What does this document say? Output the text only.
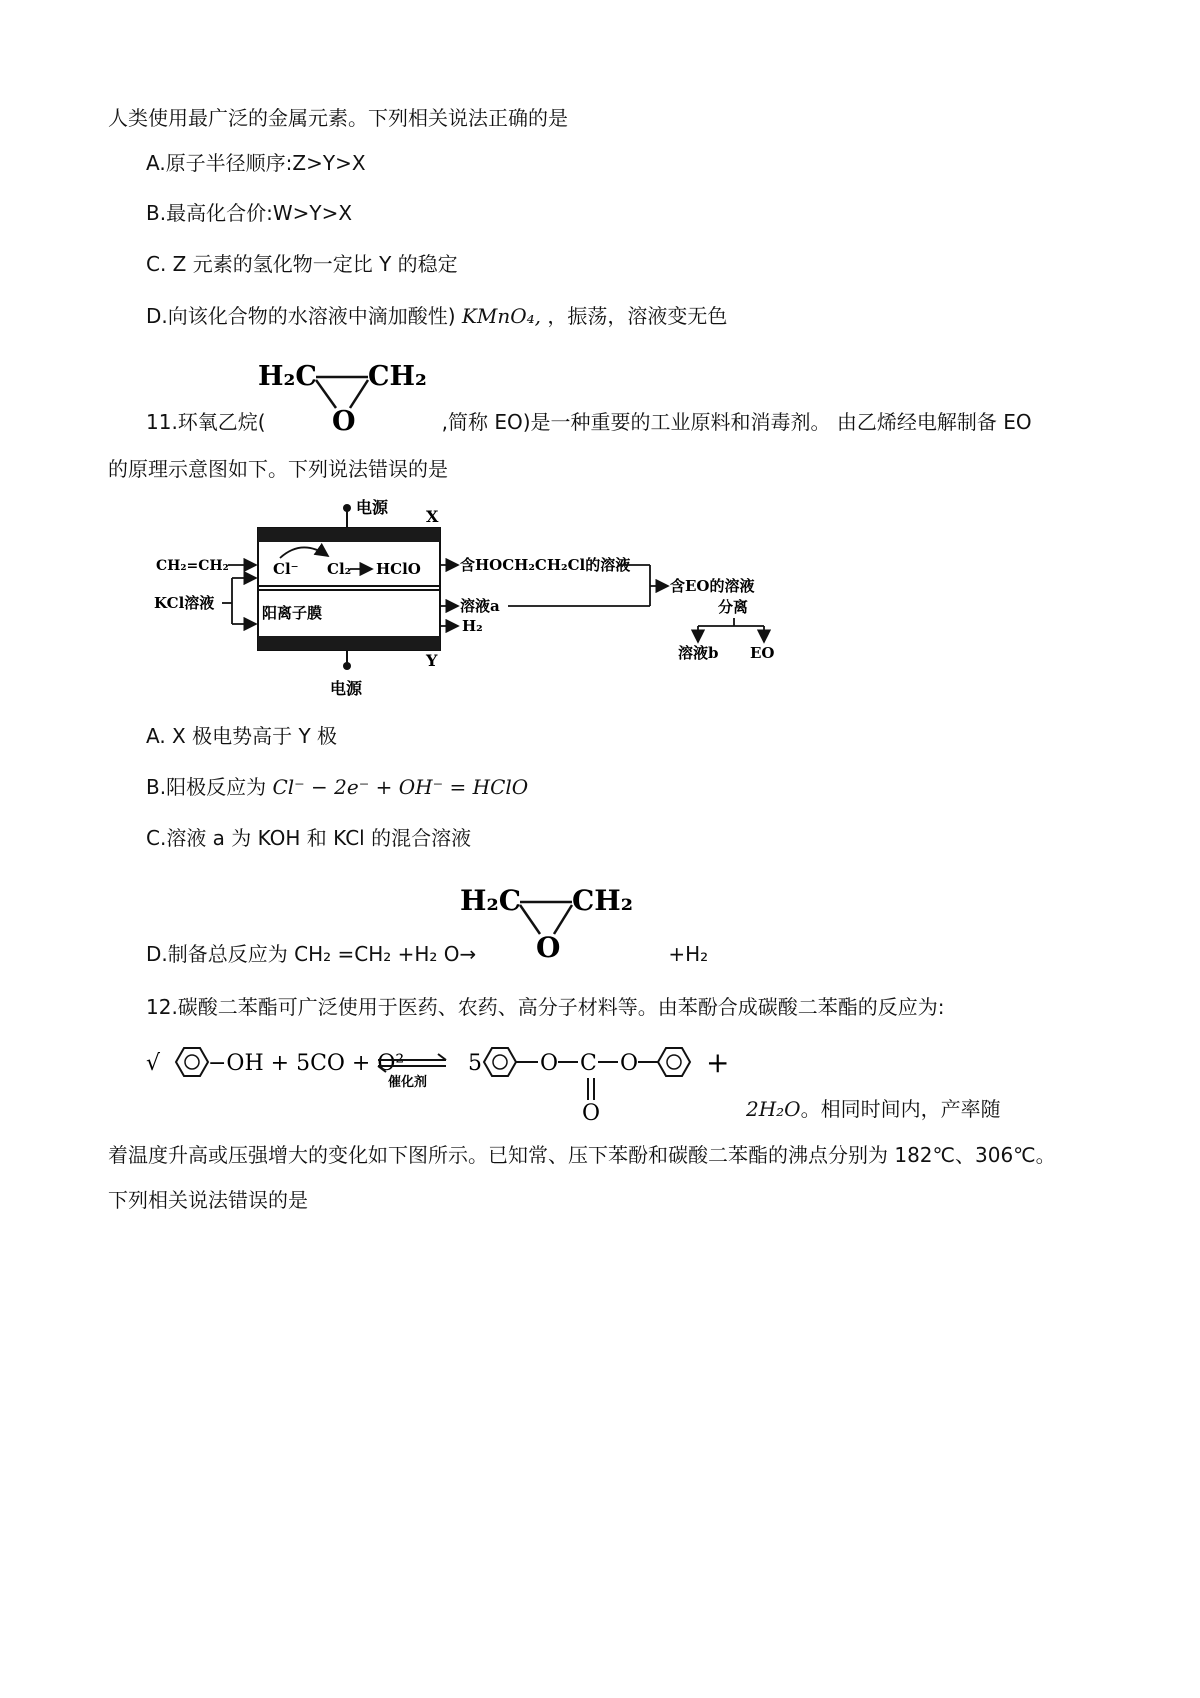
人类使用最广泛的金属元素。下列相关说法正确的是
A.原子半径顺序:Z>Y>X
B.最高化合价:W>Y>X
C. Z 元素的氢化物一定比 Y 的稳定
D.向该化合物的水溶液中滴加酸性) KMnO₄, ，振荡，溶液变无色
H₂C CH₂
O
11.环氧乙烷(	,简称 EO)是一种重要的工业原料和消毒剂。 由乙烯经电解制备 EO
的原理示意图如下。下列说法错误的是
电源 X
电源
Y
Cl⁻ Cl₂ HClO
阳离子膜
CH₂=CH₂
KCl溶液
含HOCH₂CH₂Cl的溶液
溶液a
H₂
含EO的溶液
分离
溶液b EO
A. X 极电势高于 Y 极
B.阳极反应为 Cl⁻ − 2e⁻ + OH⁻ = HClO
C.溶液 a 为 KOH 和 KCl 的混合溶液
H₂C CH₂
O
D.制备总反应为 CH₂ =CH₂ +H₂ O→	+H₂
12.碳酸二苯酯可广泛使用于医药、农药、高分子材料等。由苯酚合成碳酸二苯酯的反应为:
√ −OH + 5CO + O²
催化剂
5	O C
O
O +
2H₂O。相同时间内，产率随
着温度升高或压强增大的变化如下图所示。已知常、压下苯酚和碳酸二苯酯的沸点分别为 182℃、306℃。
下列相关说法错误的是
